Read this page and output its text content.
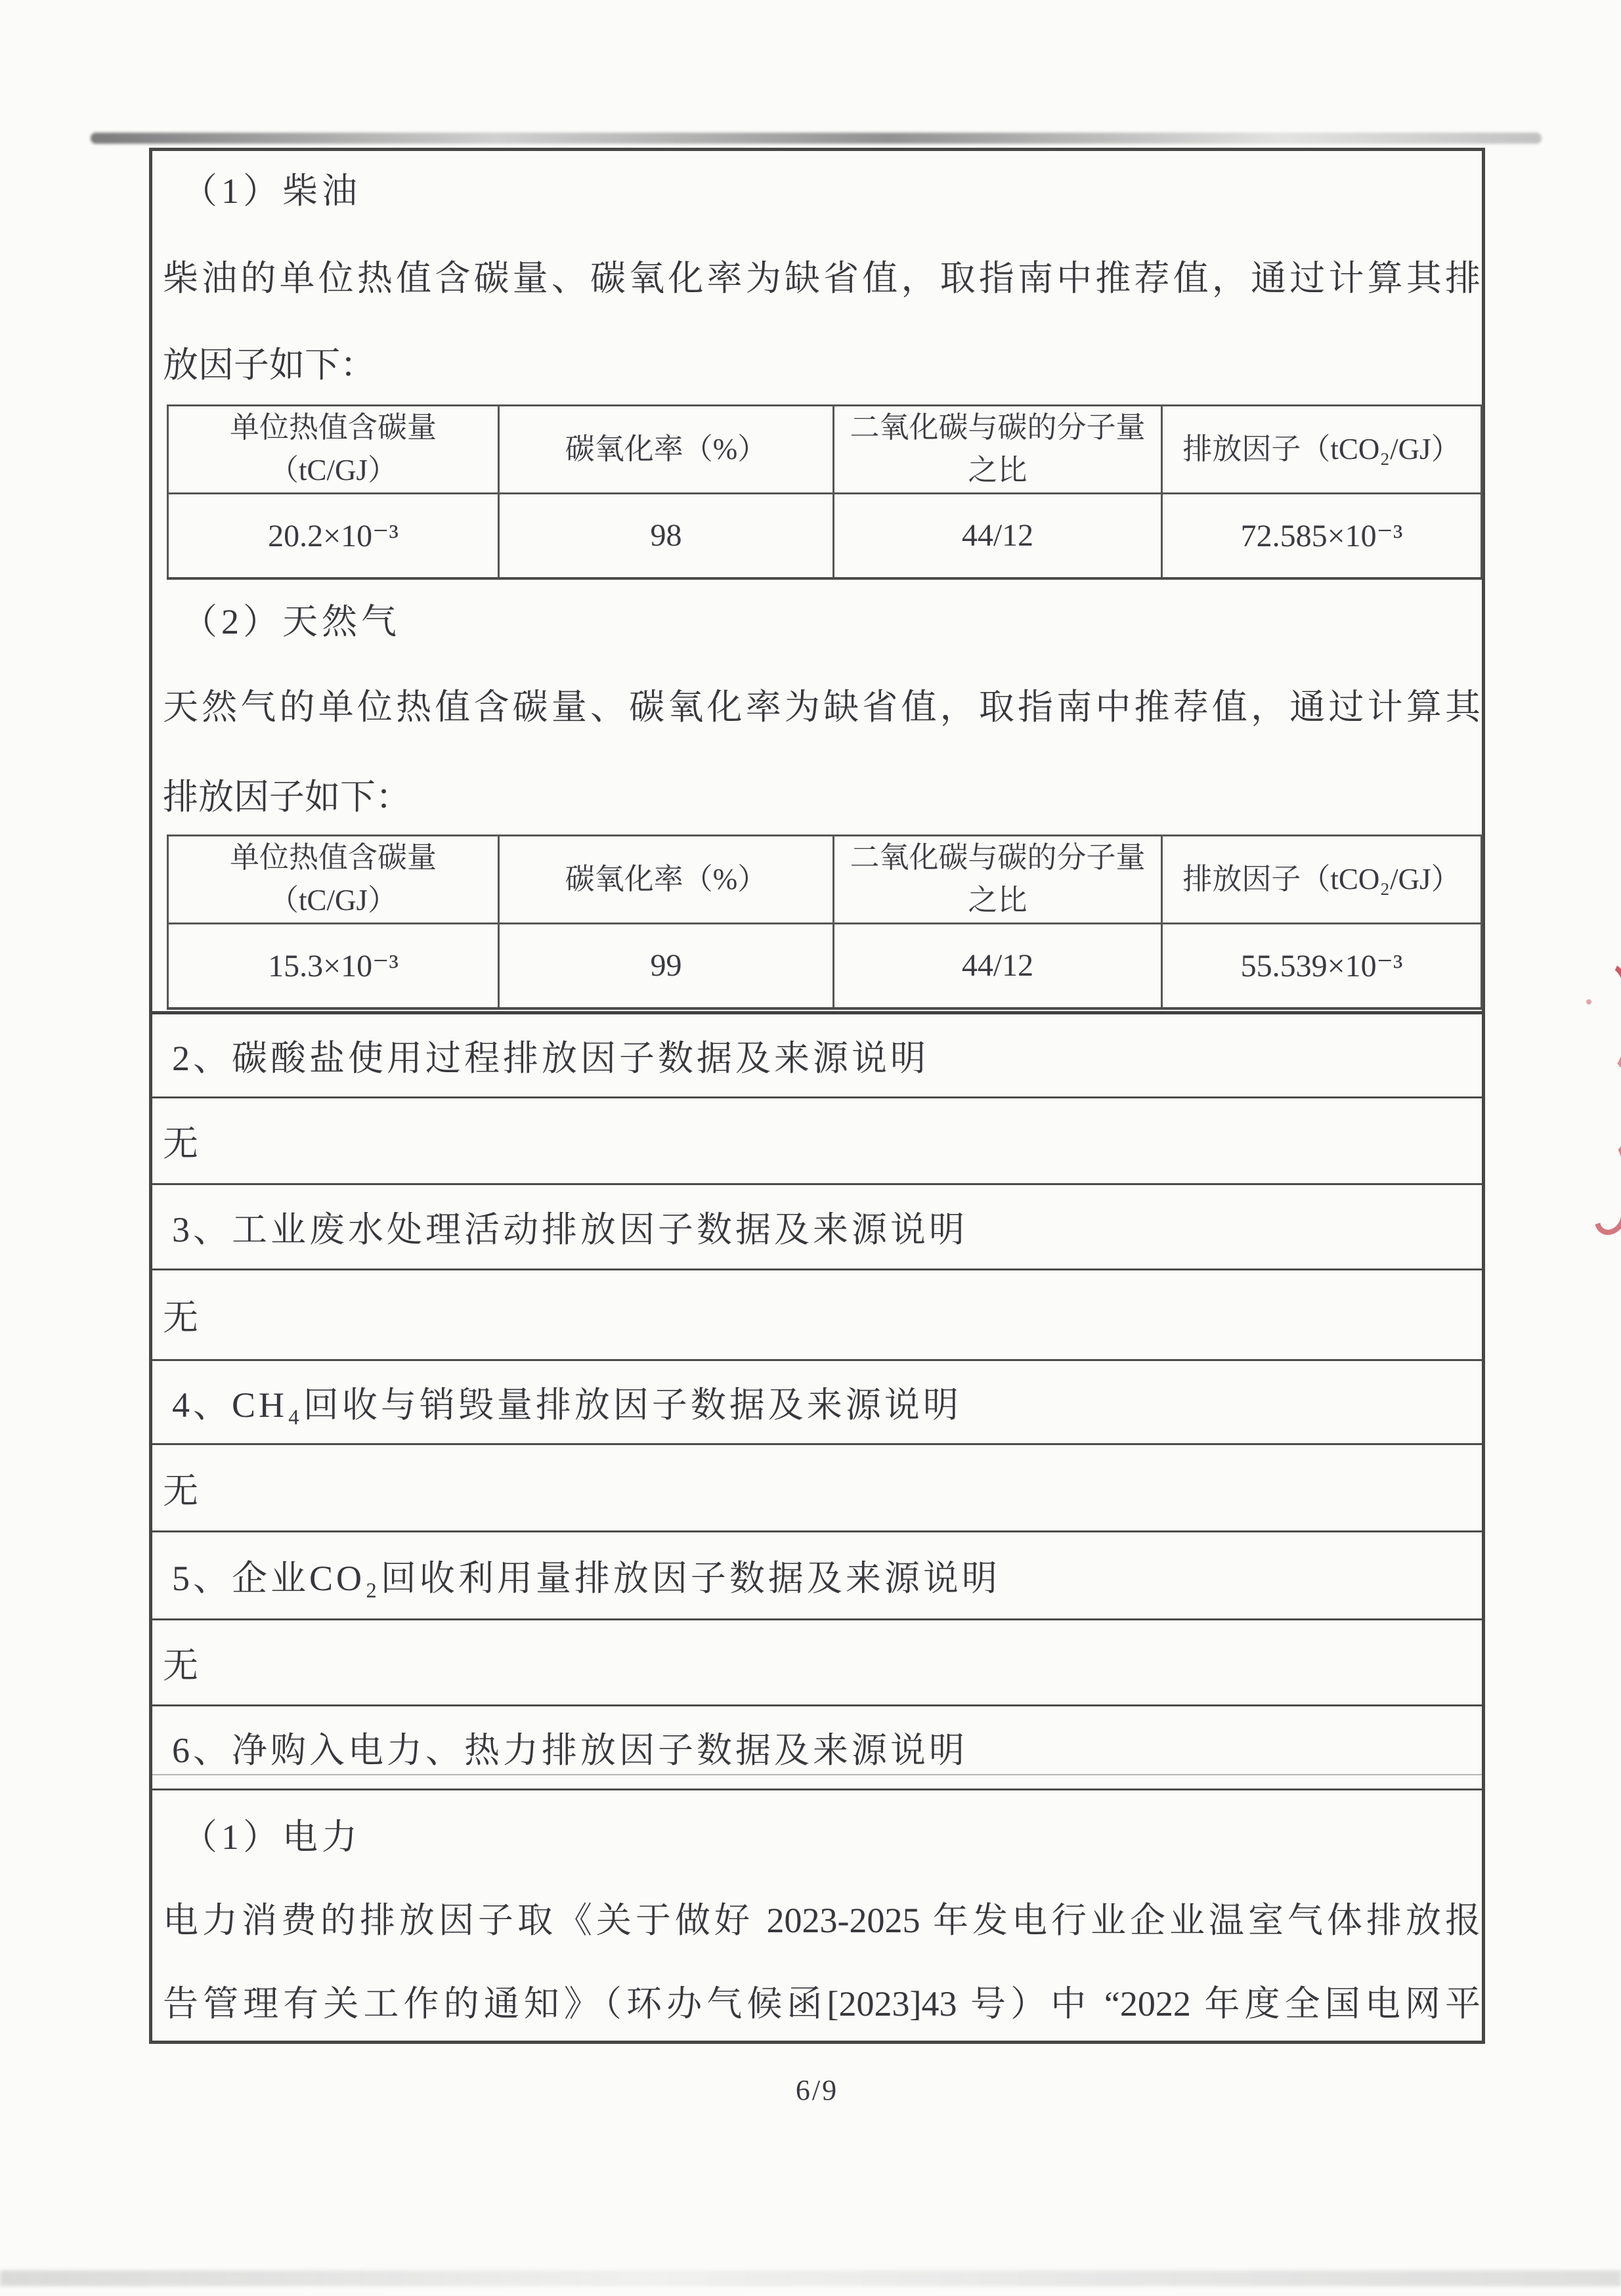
（1）柴油
柴油的单位热值含碳量、碳氧化率为缺省值，取指南中推荐值，通过计算其排
放因子如下：
单位热值含碳量
（tC/GJ）	碳氧化率（%）	二氧化碳与碳的分子量
之比	排放因子（tCO₂/GJ）
20.2×10⁻³	98	44/12	72.585×10⁻³
（2）天然气
天然气的单位热值含碳量、碳氧化率为缺省值，取指南中推荐值，通过计算其
排放因子如下：
单位热值含碳量
（tC/GJ）	碳氧化率（%）	二氧化碳与碳的分子量
之比	排放因子（tCO₂/GJ）
15.3×10⁻³	99	44/12	55.539×10⁻³
2、碳酸盐使用过程排放因子数据及来源说明
无
3、工业废水处理活动排放因子数据及来源说明
无
4、CH₄回收与销毁量排放因子数据及来源说明
无
5、企业CO₂回收利用量排放因子数据及来源说明
无
6、净购入电力、热力排放因子数据及来源说明
（1）电力
电力消费的排放因子取《关于做好 2023-2025 年发电行业企业温室气体排放报
告管理有关工作的通知》（环办气候函[2023]43 号）中 “2022 年度全国电网平
6/9
